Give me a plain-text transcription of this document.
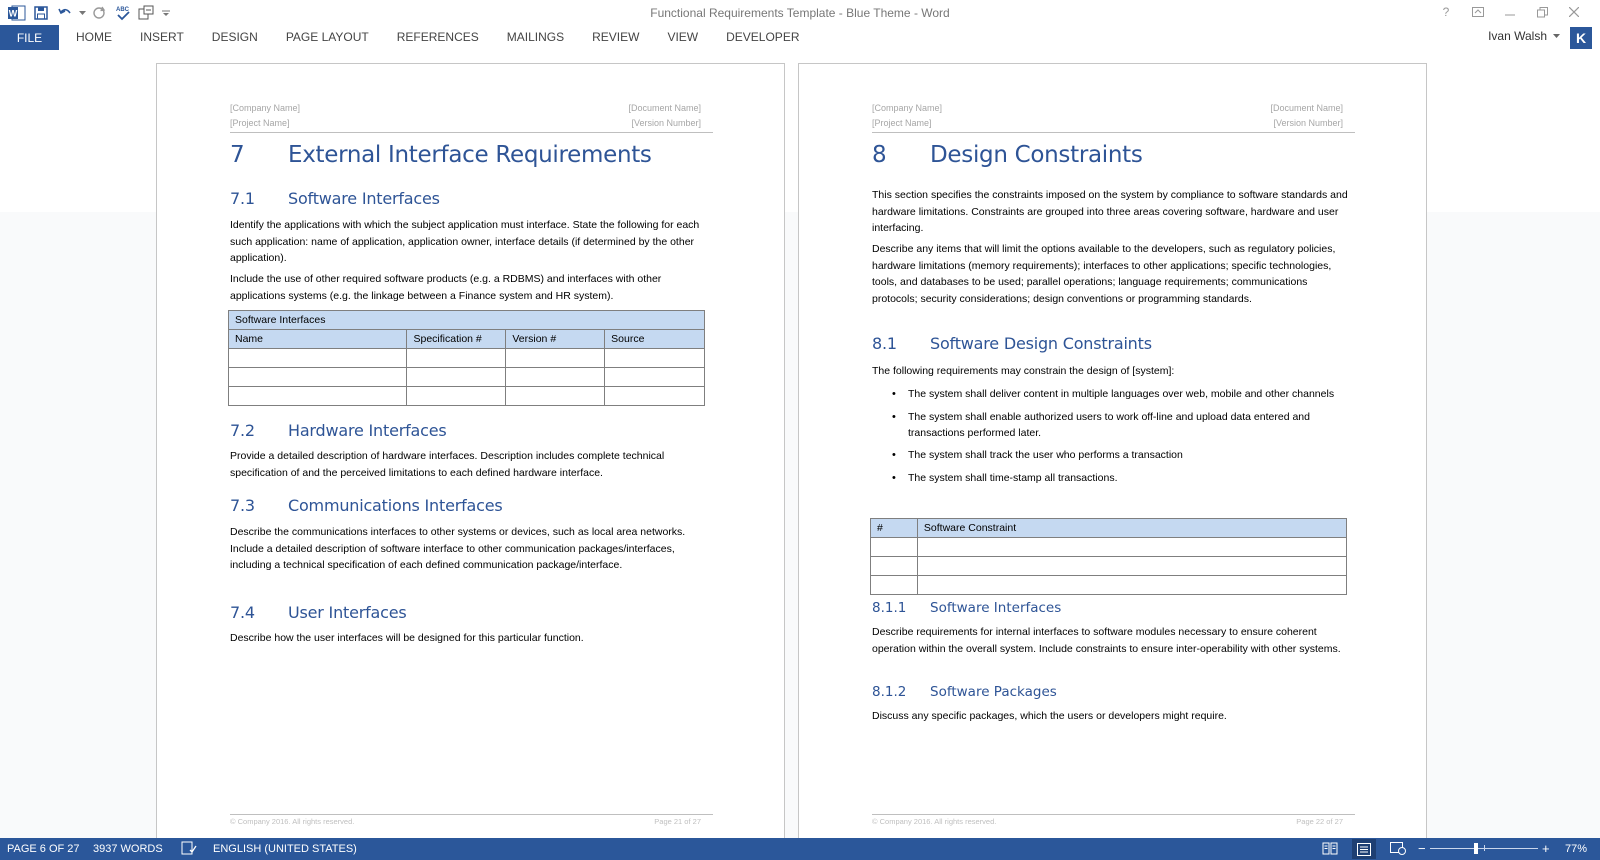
W	ABC	Functional Requirements Template - Blue Theme - Word	?
FILE	HOME	INSERT	DESIGN	PAGE LAYOUT	REFERENCES	MAILINGS	REVIEW	VIEW	DEVELOPER	Ivan Walsh	K
[Company Name]
[Project Name]
[Document Name]
[Version Number]
7 External Interface Requirements
7.1 Software Interfaces
Identify the applications with which the subject application must interface. State the following for each such application: name of application, application owner, interface details (if determined by the other application).
Include the use of other required software products (e.g. a RDBMS) and interfaces with other applications systems (e.g. the linkage between a Finance system and HR system).
Software Interfaces			
Name	Specification #	Version #	Source

7.2 Hardware Interfaces
Provide a detailed description of hardware interfaces. Description includes complete technical specification of and the perceived limitations to each defined hardware interface.
7.3 Communications Interfaces
Describe the communications interfaces to other systems or devices, such as local area networks. Include a detailed description of software interface to other communication packages/interfaces, including a technical specification of each defined communication package/interface.
7.4 User Interfaces
Describe how the user interfaces will be designed for this particular function.
© Company 2016. All rights reserved.	Page 21 of 27
[Company Name]
[Project Name]
[Document Name]
[Version Number]
8 Design Constraints
This section specifies the constraints imposed on the system by compliance to software standards and hardware limitations. Constraints are grouped into three areas covering software, hardware and user interfacing.
Describe any items that will limit the options available to the developers, such as regulatory policies, hardware limitations (memory requirements); interfaces to other applications; specific technologies, tools, and databases to be used; parallel operations; language requirements; communications protocols; security considerations; design conventions or programming standards.
8.1 Software Design Constraints
The following requirements may constrain the design of [system]:
• The system shall deliver content in multiple languages over web, mobile and other channels
• The system shall enable authorized users to work off-line and upload data entered and transactions performed later.
• The system shall track the user who performs a transaction
• The system shall time-stamp all transactions.
#	Software Constraint

8.1.1 Software Interfaces
Describe requirements for internal interfaces to software modules necessary to ensure coherent operation within the overall system. Include constraints to ensure inter-operability with other systems.
8.1.2 Software Packages
Discuss any specific packages, which the users or developers might require.
© Company 2016. All rights reserved.	Page 22 of 27
PAGE 6 OF 27 3937 WORDS	ENGLISH (UNITED STATES)	−	+ 77%
